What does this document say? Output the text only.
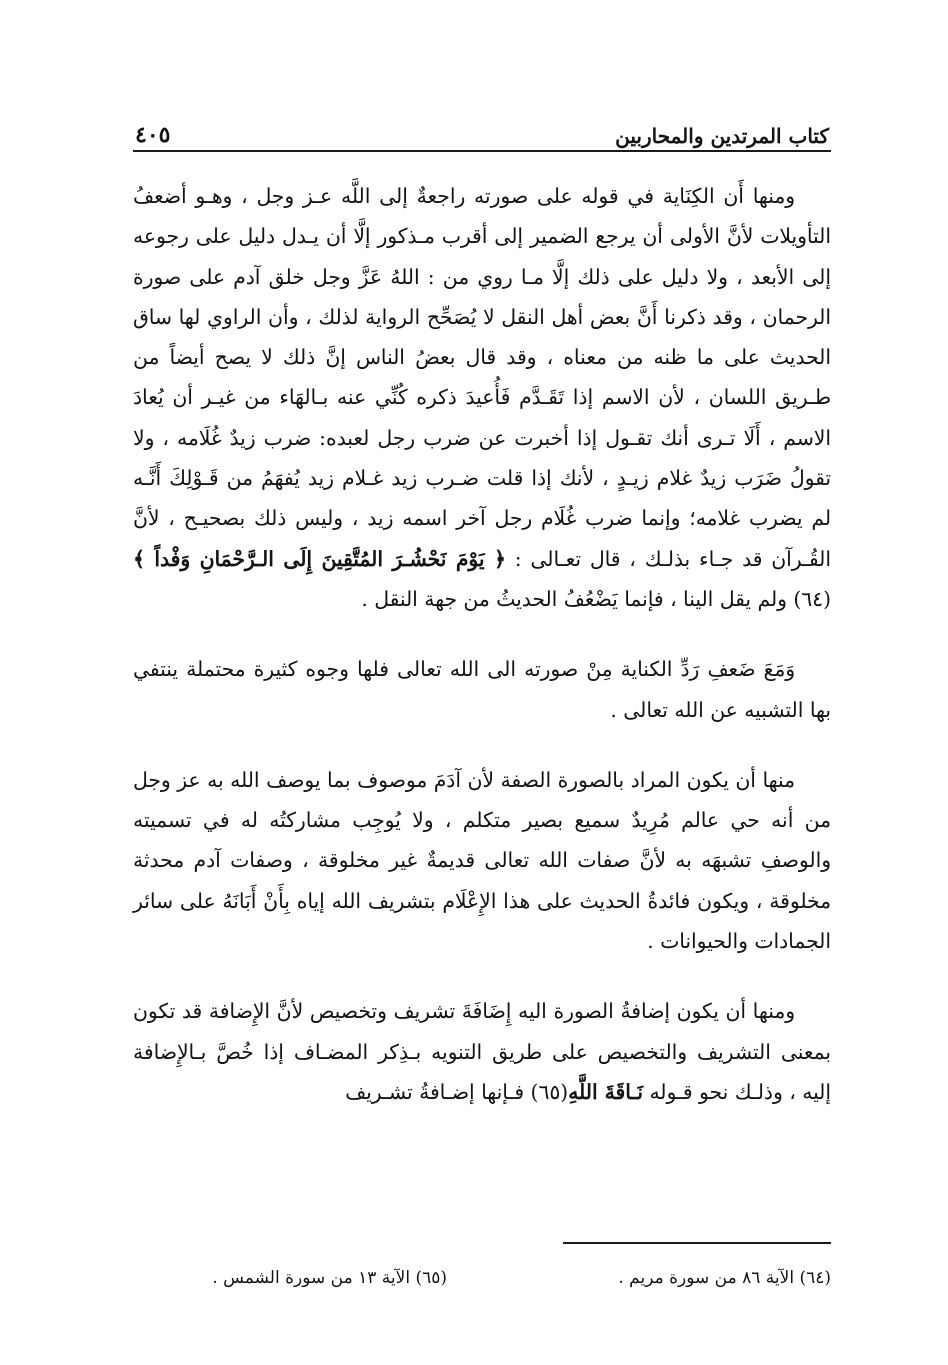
كتاب المرتدين والمحاربين
٤٠٥

ومنها أَن الكِنَاية في قوله على صورته راجعةٌ إلى اللَّه عـز وجل ، وهـو أضعفُ التأويلات لأنَّ الأولى أن يرجع الضمير إلى أقرب مـذكور إلَّا أن يـدل دليل على رجوعه إلى الأبعد ، ولا دليل على ذلك إلَّا مـا روي من : اللهُ عَزَّ وجل خلق آدم على صورة الرحمان ، وقد ذكرنا أَنَّ بعض أهل النقل لا يُصَحِّح الرواية لذلك ، وأن الراوي لها ساق الحديث على ما ظنه من معناه ، وقد قال بعضُ الناس إنَّ ذلك لا يصح أيضاً من طـريق اللسان ، لأن الاسم إذا تَقَـدَّم فَأُعيدَ ذكره كُنِّي عنه بـالهَاء من غيـر أن يُعادَ الاسم ، أَلَا تـرى أنك تقـول إذا أخبرت عن ضرب رجل لعبده: ضرب زيدٌ غُلَامه ، ولا تقولُ ضَرَب زيدٌ غلام زيـدٍ ، لأنك إذا قلت ضـرب زيد غـلام زيد يُفهَمُ من قَـوْلِكَ أَنَّـه لم يضرب غلامه؛ وإنما ضرب غُلَام رجل آخر اسمه زيد ، وليس ذلك بصحيـح ، لأنَّ القُـرآن قد جـاء بذلـك ، قال تعـالى : ﴿ يَوْمَ نَحْشُـرَ المُتَّقِينَ إِلَى الـرَّحْمَانِ وَفْداً ﴾(٦٤) ولم يقل الينا ، فإنما يَضْعُفُ الحديثُ من جهة النقل .

وَمَعَ ضَعفِ رَدِّ الكناية مِنْ صورته الى الله تعالى فلها وجوه كثيرة محتملة ينتفي بها التشبيه عن الله تعالى .

منها أن يكون المراد بالصورة الصفة لأن آدَمَ موصوف بما يوصف الله به عز وجل من أنه حي عالم مُرِيدٌ سميع بصير متكلم ، ولا يُوجِب مشاركتُه له في تسميته والوصفِ تشبهَه به لأنَّ صفات الله تعالى قديمةٌ غير مخلوقة ، وصفات آدم محدثة مخلوقة ، ويكون فائدةُ الحديث على هذا الإِعْلَام بتشريف الله إياه بِأَنْ أَبَانَهُ على سائر الجمادات والحيوانات .

ومنها أن يكون إضافةُ الصورة اليه إِضَافَةَ تشريف وتخصيص لأنَّ الإِضافة قد تكون بمعنى التشريف والتخصيص على طريق التنويه بـذِكر المضـاف إذا خُصَّ بـالإِضافة إليه ، وذلـك نحو قـوله نَـاقَةَ اللَّهِ(٦٥) فـإنها إضـافةُ تشـريف

(٦٤) الآية ٨٦ من سورة مريم .
(٦٥) الآية ١٣ من سورة الشمس .
